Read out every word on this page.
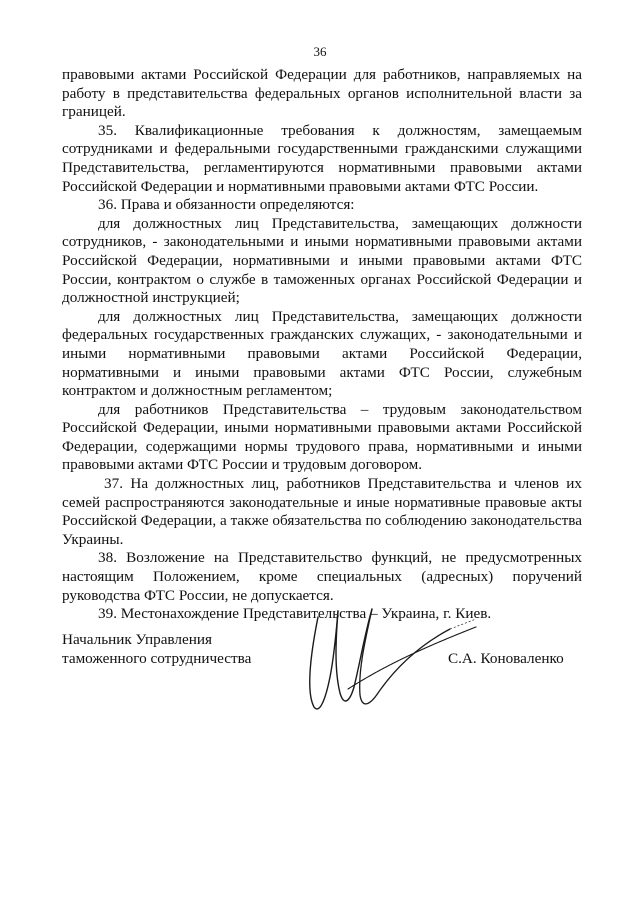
36

правовыми актами Российской Федерации для работников, направляемых на работу в представительства федеральных органов исполнительной власти за границей.

35. Квалификационные требования к должностям, замещаемым сотрудниками и федеральными государственными гражданскими служащими Представительства, регламентируются нормативными правовыми актами Российской Федерации и нормативными правовыми актами ФТС России.

36. Права и обязанности определяются:

для должностных лиц Представительства, замещающих должности сотрудников, - законодательными и иными нормативными правовыми актами Российской Федерации, нормативными и иными правовыми актами ФТС России, контрактом о службе в таможенных органах Российской Федерации и должностной инструкцией;

для должностных лиц Представительства, замещающих должности федеральных государственных гражданских служащих, - законодательными и иными нормативными правовыми актами Российской Федерации, нормативными и иными правовыми актами ФТС России, служебным контрактом и должностным регламентом;

для работников Представительства – трудовым законодательством Российской Федерации, иными нормативными правовыми актами Российской Федерации, содержащими нормы трудового права, нормативными и иными правовыми актами ФТС России и трудовым договором.

37. На должностных лиц, работников Представительства и членов их семей распространяются законодательные и иные нормативные правовые акты Российской Федерации, а также обязательства по соблюдению законодательства Украины.

38. Возложение на Представительство функций, не предусмотренных настоящим Положением, кроме специальных (адресных) поручений руководства ФТС России, не допускается.

39. Местонахождение Представительства – Украина, г. Киев.

Начальник Управления
таможенного сотрудничества	С.А. Коноваленко
